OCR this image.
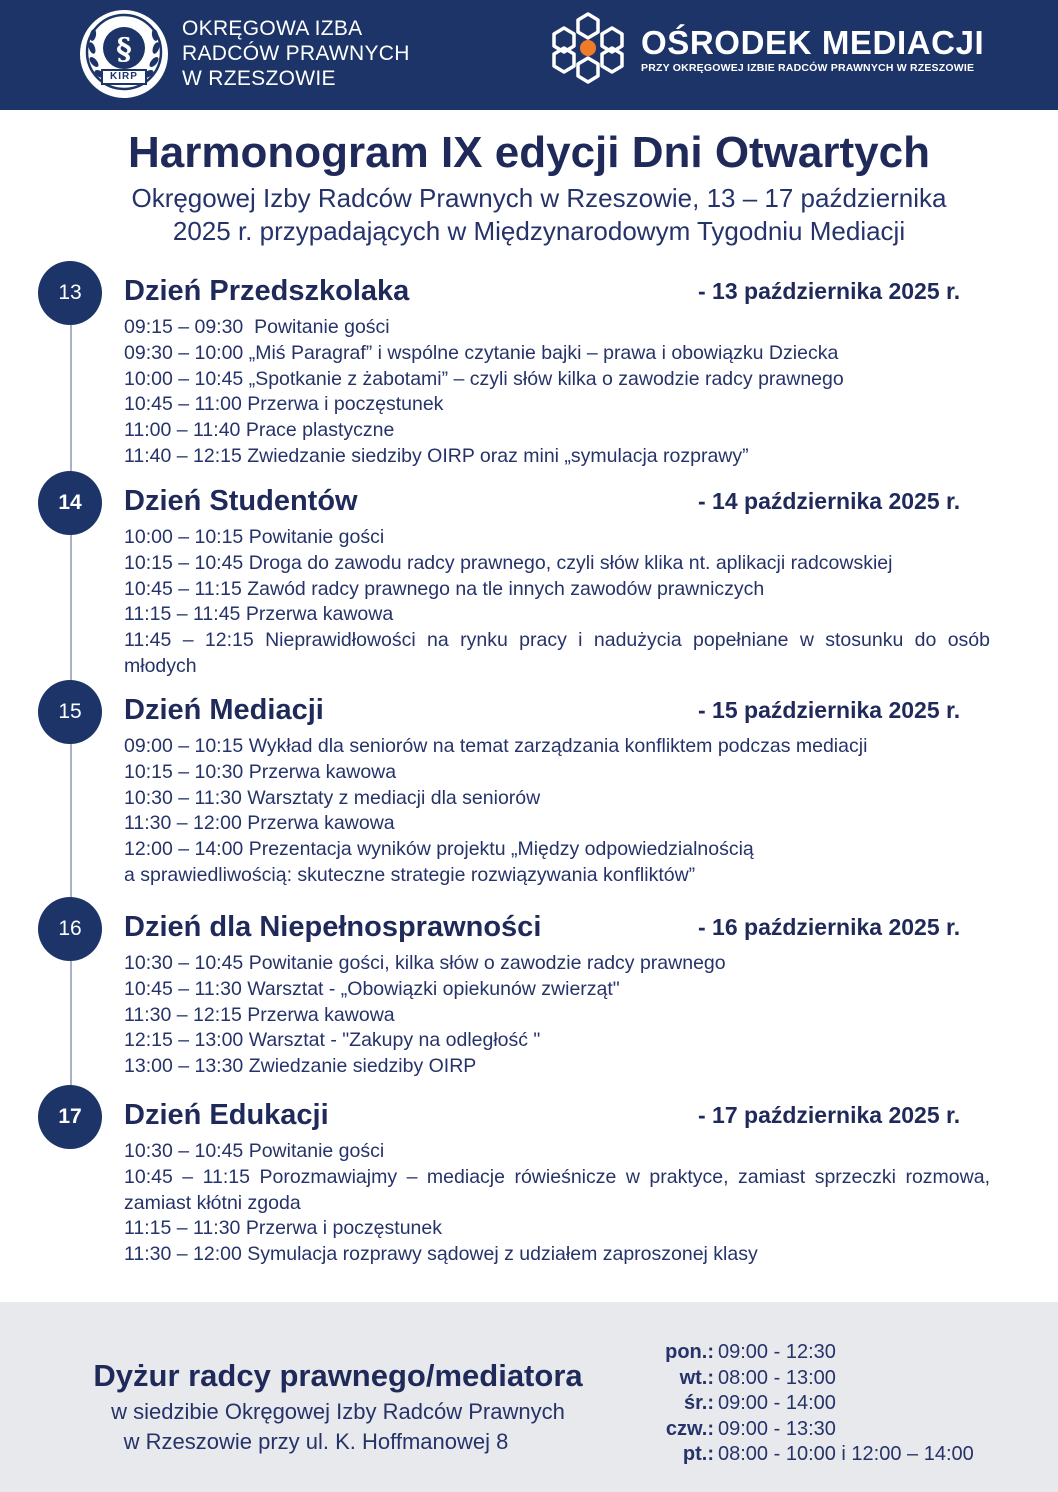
§
KIRP
OKRĘGOWA IZBA
RADCÓW PRAWNYCH
W RZESZOWIE
OŚRODEK MEDIACJI
PRZY OKRĘGOWEJ IZBIE RADCÓW PRAWNYCH W RZESZOWIE
Harmonogram IX edycji Dni Otwartych
Okręgowej Izby Radców Prawnych w Rzeszowie, 13 – 17 października
2025 r. przypadających w Międzynarodowym Tygodniu Mediacji
13	Dzień Przedszkolaka	- 13 października 2025 r.
09:15 – 09:30  Powitanie gości
09:30 – 10:00 „Miś Paragraf” i wspólne czytanie bajki – prawa i obowiązku Dziecka
10:00 – 10:45 „Spotkanie z żabotami” – czyli słów kilka o zawodzie radcy prawnego
10:45 – 11:00 Przerwa i poczęstunek
11:00 – 11:40 Prace plastyczne
11:40 – 12:15 Zwiedzanie siedziby OIRP oraz mini „symulacja rozprawy”
14	Dzień Studentów	- 14 października 2025 r.
10:00 – 10:15 Powitanie gości
10:15 – 10:45 Droga do zawodu radcy prawnego, czyli słów klika nt. aplikacji radcowskiej
10:45 – 11:15 Zawód radcy prawnego na tle innych zawodów prawniczych
11:15 – 11:45 Przerwa kawowa
11:45 – 12:15 Nieprawidłowości na rynku pracy i nadużycia popełniane w stosunku do osób młodych
15	Dzień Mediacji	- 15 października 2025 r.
09:00 – 10:15 Wykład dla seniorów na temat zarządzania konfliktem podczas mediacji
10:15 – 10:30 Przerwa kawowa
10:30 – 11:30 Warsztaty z mediacji dla seniorów
11:30 – 12:00 Przerwa kawowa
12:00 – 14:00 Prezentacja wyników projektu „Między odpowiedzialnością
a sprawiedliwością: skuteczne strategie rozwiązywania konfliktów”
16	Dzień dla Niepełnosprawności	- 16 października 2025 r.
10:30 – 10:45 Powitanie gości, kilka słów o zawodzie radcy prawnego
10:45 – 11:30 Warsztat - „Obowiązki opiekunów zwierząt"
11:30 – 12:15 Przerwa kawowa
12:15 – 13:00 Warsztat - "Zakupy na odległość "
13:00 – 13:30 Zwiedzanie siedziby OIRP
17	Dzień Edukacji	- 17 października 2025 r.
10:30 – 10:45 Powitanie gości
10:45 – 11:15 Porozmawiajmy – mediacje rówieśnicze w praktyce, zamiast sprzeczki rozmowa, zamiast kłótni zgoda
11:15 – 11:30 Przerwa i poczęstunek
11:30 – 12:00 Symulacja rozprawy sądowej z udziałem zaproszonej klasy
Dyżur radcy prawnego/mediatora
w siedzibie Okręgowej Izby Radców Prawnych
w Rzeszowie przy ul. K. Hoffmanowej 8
pon.: 09:00 - 12:30
wt.: 08:00 - 13:00
śr.: 09:00 - 14:00
czw.: 09:00 - 13:30
pt.: 08:00 - 10:00 i 12:00 – 14:00
